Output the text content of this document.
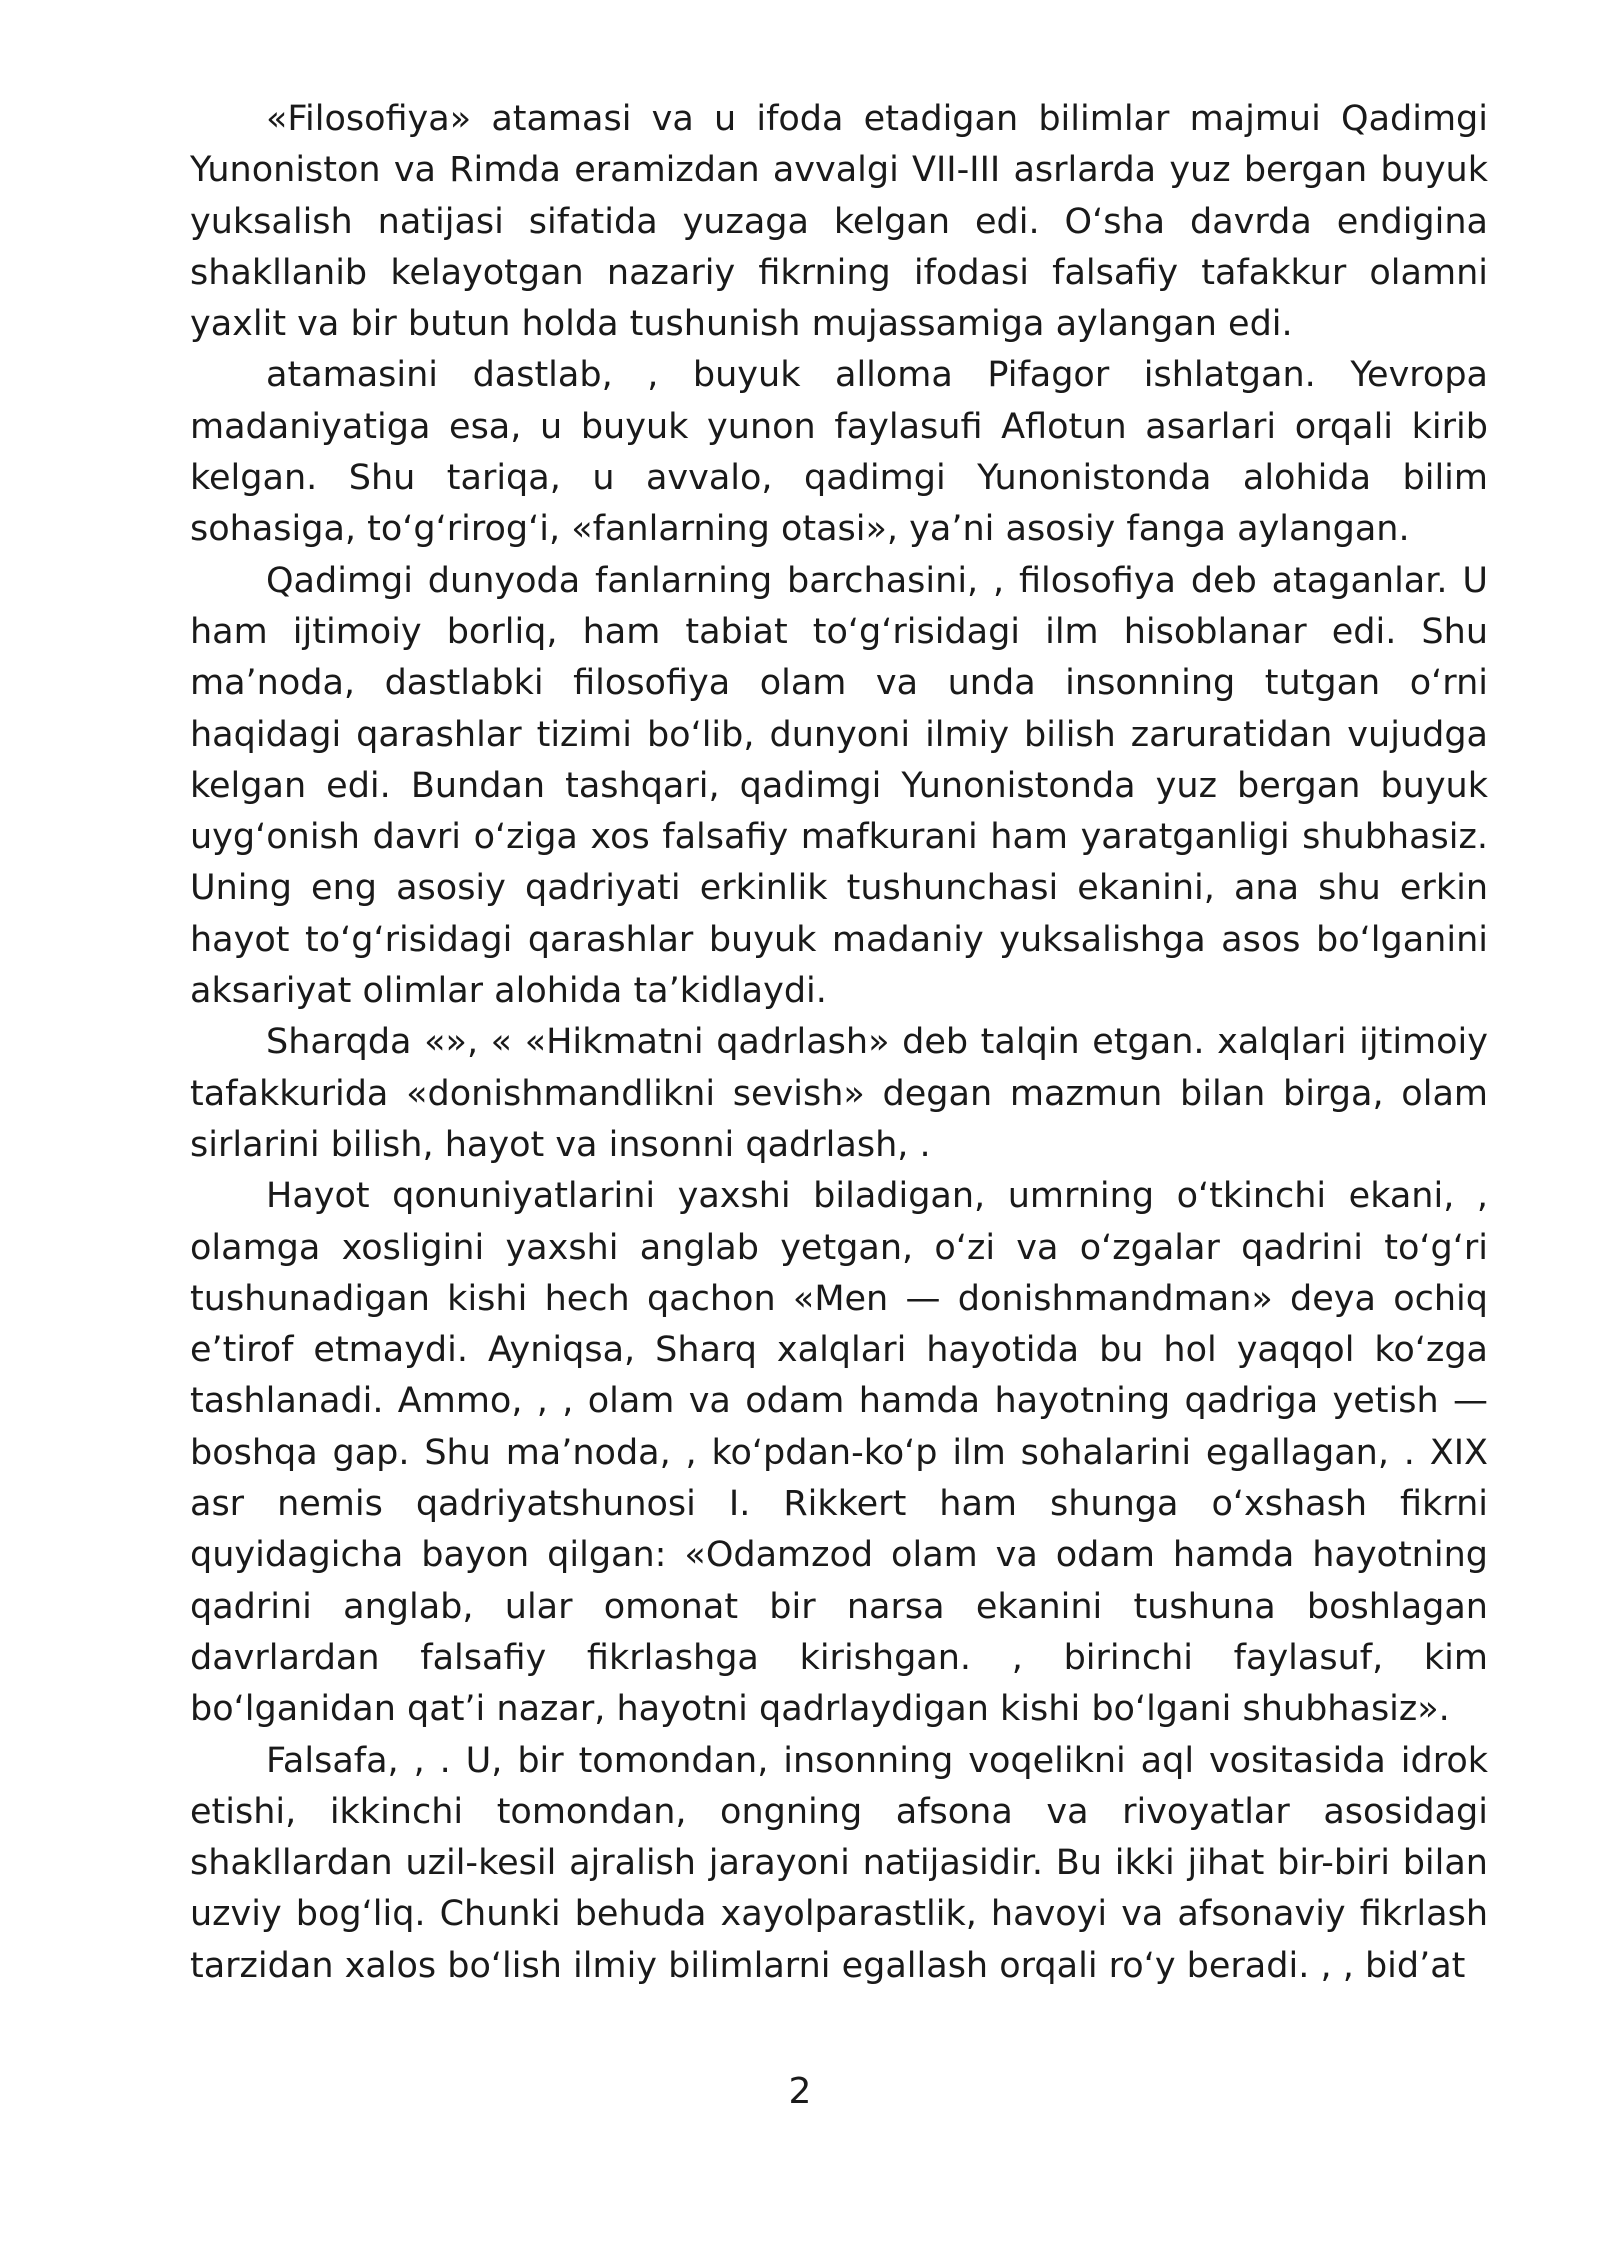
«Filosofiya» atamasi va u ifoda etadigan bilimlar majmui Qadimgi Yunoniston va Rimda eramizdan avvalgi VII-III asrlarda yuz bergan buyuk yuksalish natijasi sifatida yuzaga kelgan edi. O‘sha davrda endigina shakllanib kelayotgan nazariy fikrning ifodasi falsafiy tafakkur olamni yaxlit va bir butun holda tushunish mujassamiga aylangan edi.

atamasini dastlab, , buyuk alloma Pifagor ishlatgan. Yevropa madaniyatiga esa, u buyuk yunon faylasufi Aflotun asarlari orqali kirib kelgan. Shu tariqa, u avvalo, qadimgi Yunonistonda alohida bilim sohasiga, to‘g‘rirog‘i, «fanlarning otasi», ya’ni asosiy fanga aylangan.

Qadimgi dunyoda fanlarning barchasini, , filosofiya deb ataganlar. U ham ijtimoiy borliq, ham tabiat to‘g‘risidagi ilm hisoblanar edi. Shu ma’noda, dastlabki filosofiya olam va unda insonning tutgan o‘rni haqidagi qarashlar tizimi bo‘lib, dunyoni ilmiy bilish zaruratidan vujudga kelgan edi. Bundan tashqari, qadimgi Yunonistonda yuz bergan buyuk uyg‘onish davri o‘ziga xos falsafiy mafkurani ham yaratganligi shubhasiz. Uning eng asosiy qadriyati erkinlik tushunchasi ekanini, ana shu erkin hayot to‘g‘risidagi qarashlar buyuk madaniy yuksalishga asos bo‘lganini aksariyat olimlar alohida ta’kidlaydi.

Sharqda «», « «Hikmatni qadrlash» deb talqin etgan. xalqlari ijtimoiy tafakkurida «donishmandlikni sevish» degan mazmun bilan birga, olam sirlarini bilish, hayot va insonni qadrlash, .

Hayot qonuniyatlarini yaxshi biladigan, umrning o‘tkinchi ekani, , olamga xosligini yaxshi anglab yetgan, o‘zi va o‘zgalar qadrini to‘g‘ri tushunadigan kishi hech qachon «Men — donishmandman» deya ochiq e’tirof etmaydi. Ayniqsa, Sharq xalqlari hayotida bu hol yaqqol ko‘zga tashlanadi. Ammo, , , olam va odam hamda hayotning qadriga yetish — boshqa gap. Shu ma’noda, , ko‘pdan-ko‘p ilm sohalarini egallagan, . XIX asr nemis qadriyatshunosi I. Rikkert ham shunga o‘xshash fikrni quyidagicha bayon qilgan: «Odamzod olam va odam hamda hayotning qadrini anglab, ular omonat bir narsa ekanini tushuna boshlagan davrlardan falsafiy fikrlashga kirishgan. , birinchi faylasuf, kim bo‘lganidan qat’i nazar, hayotni qadrlaydigan kishi bo‘lgani shubhasiz».

Falsafa, , . U, bir tomondan, insonning voqelikni aql vositasida idrok etishi, ikkinchi tomondan, ongning afsona va rivoyatlar asosidagi shakllardan uzil-kesil ajralish jarayoni natijasidir. Bu ikki jihat bir-biri bilan uzviy bog‘liq. Chunki behuda xayolparastlik, havoyi va afsonaviy fikrlash tarzidan xalos bo‘lish ilmiy bilimlarni egallash orqali ro‘y beradi. , , bid’at

2
